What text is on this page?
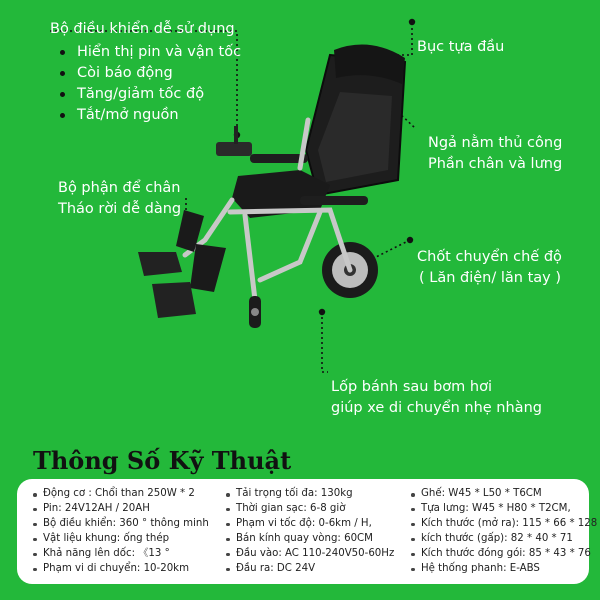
Bộ điều khiển dễ sử dụng
Hiển thị pin và vận tốc
Còi báo động
Tăng/giảm tốc độ
Tắt/mở nguồn
Bục tựa đầu
Ngả nằm thủ công
Phần chân và lưng
Bộ phận để chân
Tháo rời dễ dàng
Chốt chuyển chế độ
( Lăn điện/ lăn tay )
Lốp bánh sau bơm hơi
giúp xe di chuyển nhẹ nhàng
Thông Số Kỹ Thuật
Động cơ : Chổi than 250W * 2
Pin: 24V12AH / 20AH
Bộ điều khiển: 360 ° thông minh
Vật liệu khung: ống thép
Khả năng lên dốc: 《13 °
Phạm vi di chuyển: 10-20km
Tải trọng tối đa: 130kg
Thời gian sạc: 6-8 giờ
Phạm vi tốc độ: 0-6km / H,
Bán kính quay vòng: 60CM
Đầu vào: AC 110-240V50-60Hz
Đầu ra: DC 24V
Ghế: W45 * L50 * T6CM
Tựa lưng: W45 * H80 * T2CM,
Kích thước (mở ra): 115 * 66 * 128
kích thước (gấp): 82 * 40 * 71
Kích thước đóng gói: 85 * 43 * 76
Hệ thống phanh: E-ABS
